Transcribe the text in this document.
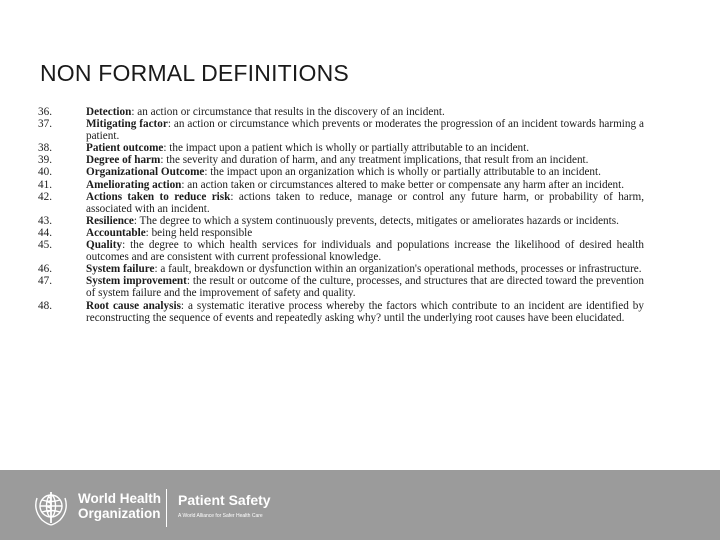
NON FORMAL DEFINITIONS
36.	Detection: an action or circumstance that results in the discovery of an incident.
37.	Mitigating factor: an action or circumstance which prevents or moderates the progression of an incident towards harming a patient.
38.	Patient outcome: the impact upon a patient which is wholly or partially attributable to an incident.
39.	Degree of harm: the severity and duration of harm, and any treatment implications, that result from an incident.
40.	Organizational Outcome: the impact upon an organization which is wholly or partially attributable to an incident.
41.	Ameliorating action: an action taken or circumstances altered to make better or compensate any harm after an incident.
42.	Actions taken to reduce risk: actions taken to reduce, manage or control any future harm, or probability of harm, associated with an incident.
43.	Resilience: The degree to which a system continuously prevents, detects, mitigates or ameliorates hazards or incidents.
44.	Accountable: being held responsible
45.	Quality: the degree to which health services for individuals and populations increase the likelihood of desired health outcomes and are consistent with current professional knowledge.
46.	System failure: a fault, breakdown or dysfunction within an organization's operational methods, processes or infrastructure.
47.	System improvement: the result or outcome of the culture, processes, and structures that are directed toward the prevention of system failure and the improvement of safety and quality.
48.	Root cause analysis: a systematic iterative process whereby the factors which contribute to an incident are identified by reconstructing the sequence of events and repeatedly asking why? until the underlying root causes have been elucidated.
World Health
Organization
Patient Safety
A World Alliance for Safer Health Care
